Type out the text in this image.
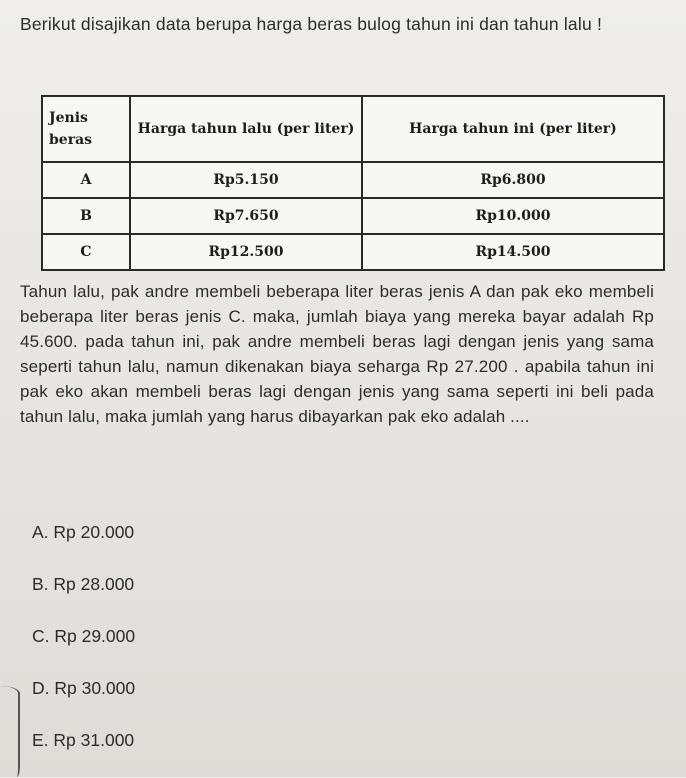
Berikut disajikan data berupa harga beras bulog tahun ini dan tahun lalu !
Jenis beras	Harga tahun lalu (per liter)	Harga tahun ini (per liter)
A	Rp5.150	Rp6.800
B	Rp7.650	Rp10.000
C	Rp12.500	Rp14.500
Tahun lalu, pak andre membeli beberapa liter beras jenis A dan pak eko membeli beberapa liter beras jenis C. maka, jumlah biaya yang mereka bayar adalah Rp 45.600. pada tahun ini, pak andre membeli beras lagi dengan jenis yang sama seperti tahun lalu, namun dikenakan biaya seharga Rp 27.200 . apabila tahun ini pak eko akan membeli beras lagi dengan jenis yang sama seperti ini beli pada tahun lalu, maka jumlah yang harus dibayarkan pak eko adalah ....
A. Rp 20.000
B. Rp 28.000
C. Rp 29.000
D. Rp 30.000
E. Rp 31.000
